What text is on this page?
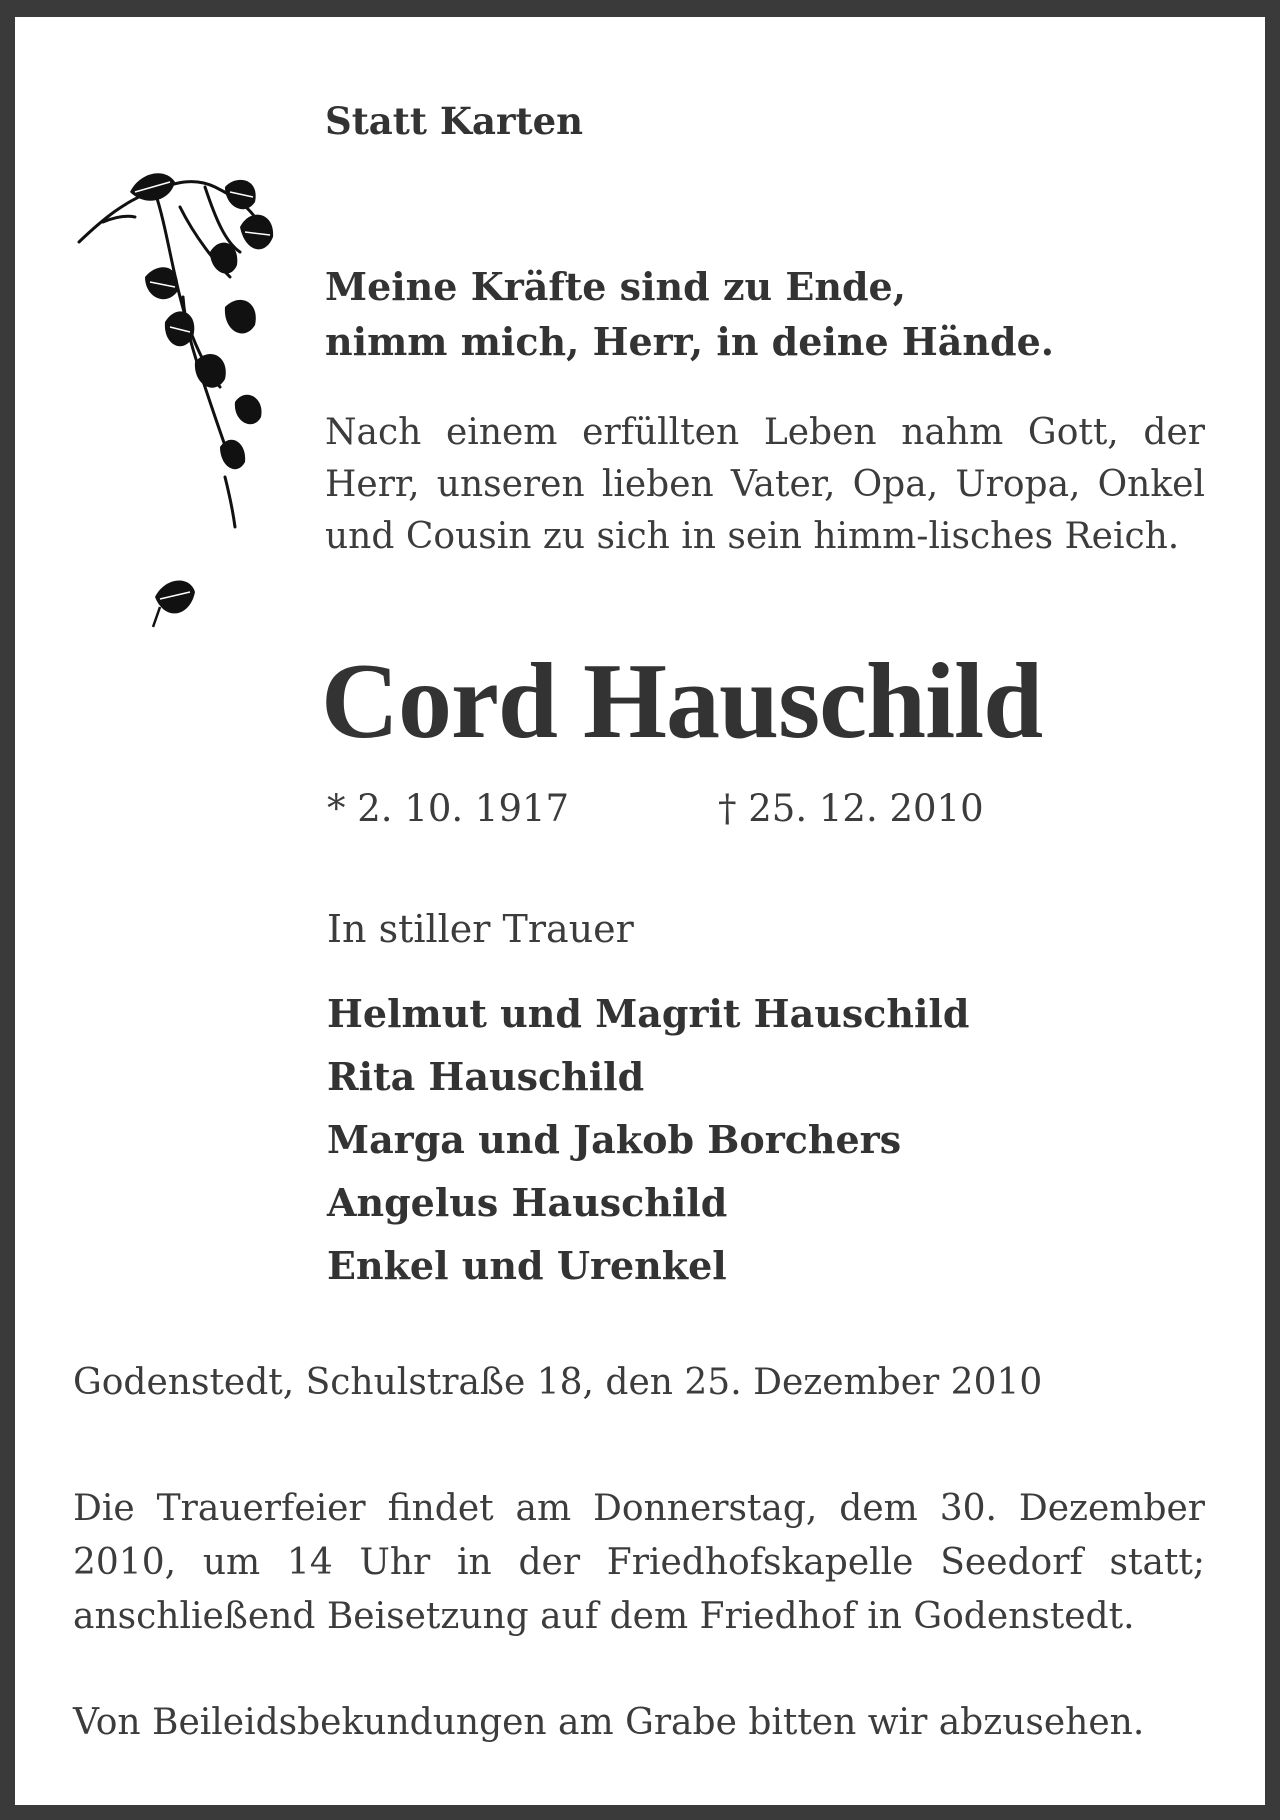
Statt Karten

Meine Kräfte sind zu Ende,
nimm mich, Herr, in deine Hände.

Nach einem erfüllten Leben nahm Gott, der Herr, unseren lieben Vater, Opa, Uropa, Onkel und Cousin zu sich in sein himm-lisches Reich.

Cord Hauschild
* 2. 10. 1917	† 25. 12. 2010

In stiller Trauer

Helmut und Magrit Hauschild
Rita Hauschild
Marga und Jakob Borchers
Angelus Hauschild
Enkel und Urenkel

Godenstedt, Schulstraße 18, den 25. Dezember 2010

Die Trauerfeier findet am Donnerstag, dem 30. Dezember 2010, um 14 Uhr in der Friedhofskapelle Seedorf statt; anschließend Beisetzung auf dem Friedhof in Godenstedt.

Von Beileidsbekundungen am Grabe bitten wir abzusehen.
